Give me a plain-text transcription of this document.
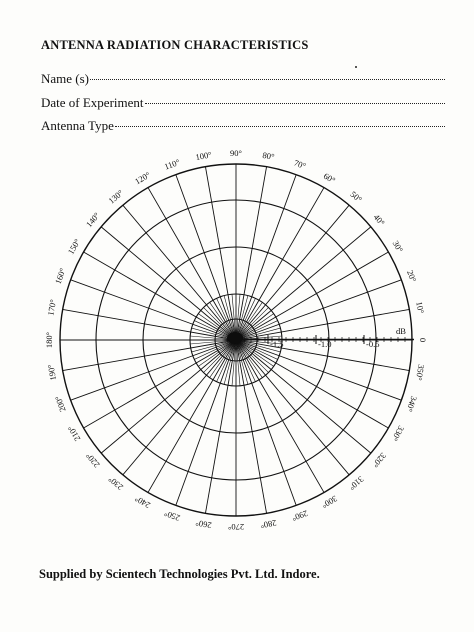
ANTENNA RADIATION CHARACTERISTICS
Name (s)
Date of Experiment
Antenna Type
-1.5	-1.0	-0.5
dB
0
10°
20°
30°
40°
50°
60°
70°
80°
90°
100°
110°
120°
130°
140°
150°
160°
170°
180°
190°
200°
210°
220°
230°
240°
250°
260° 270° 280°
290°
300°
310°
320°
330°
340°
350°
Supplied by Scientech Technologies Pvt. Ltd. Indore.
